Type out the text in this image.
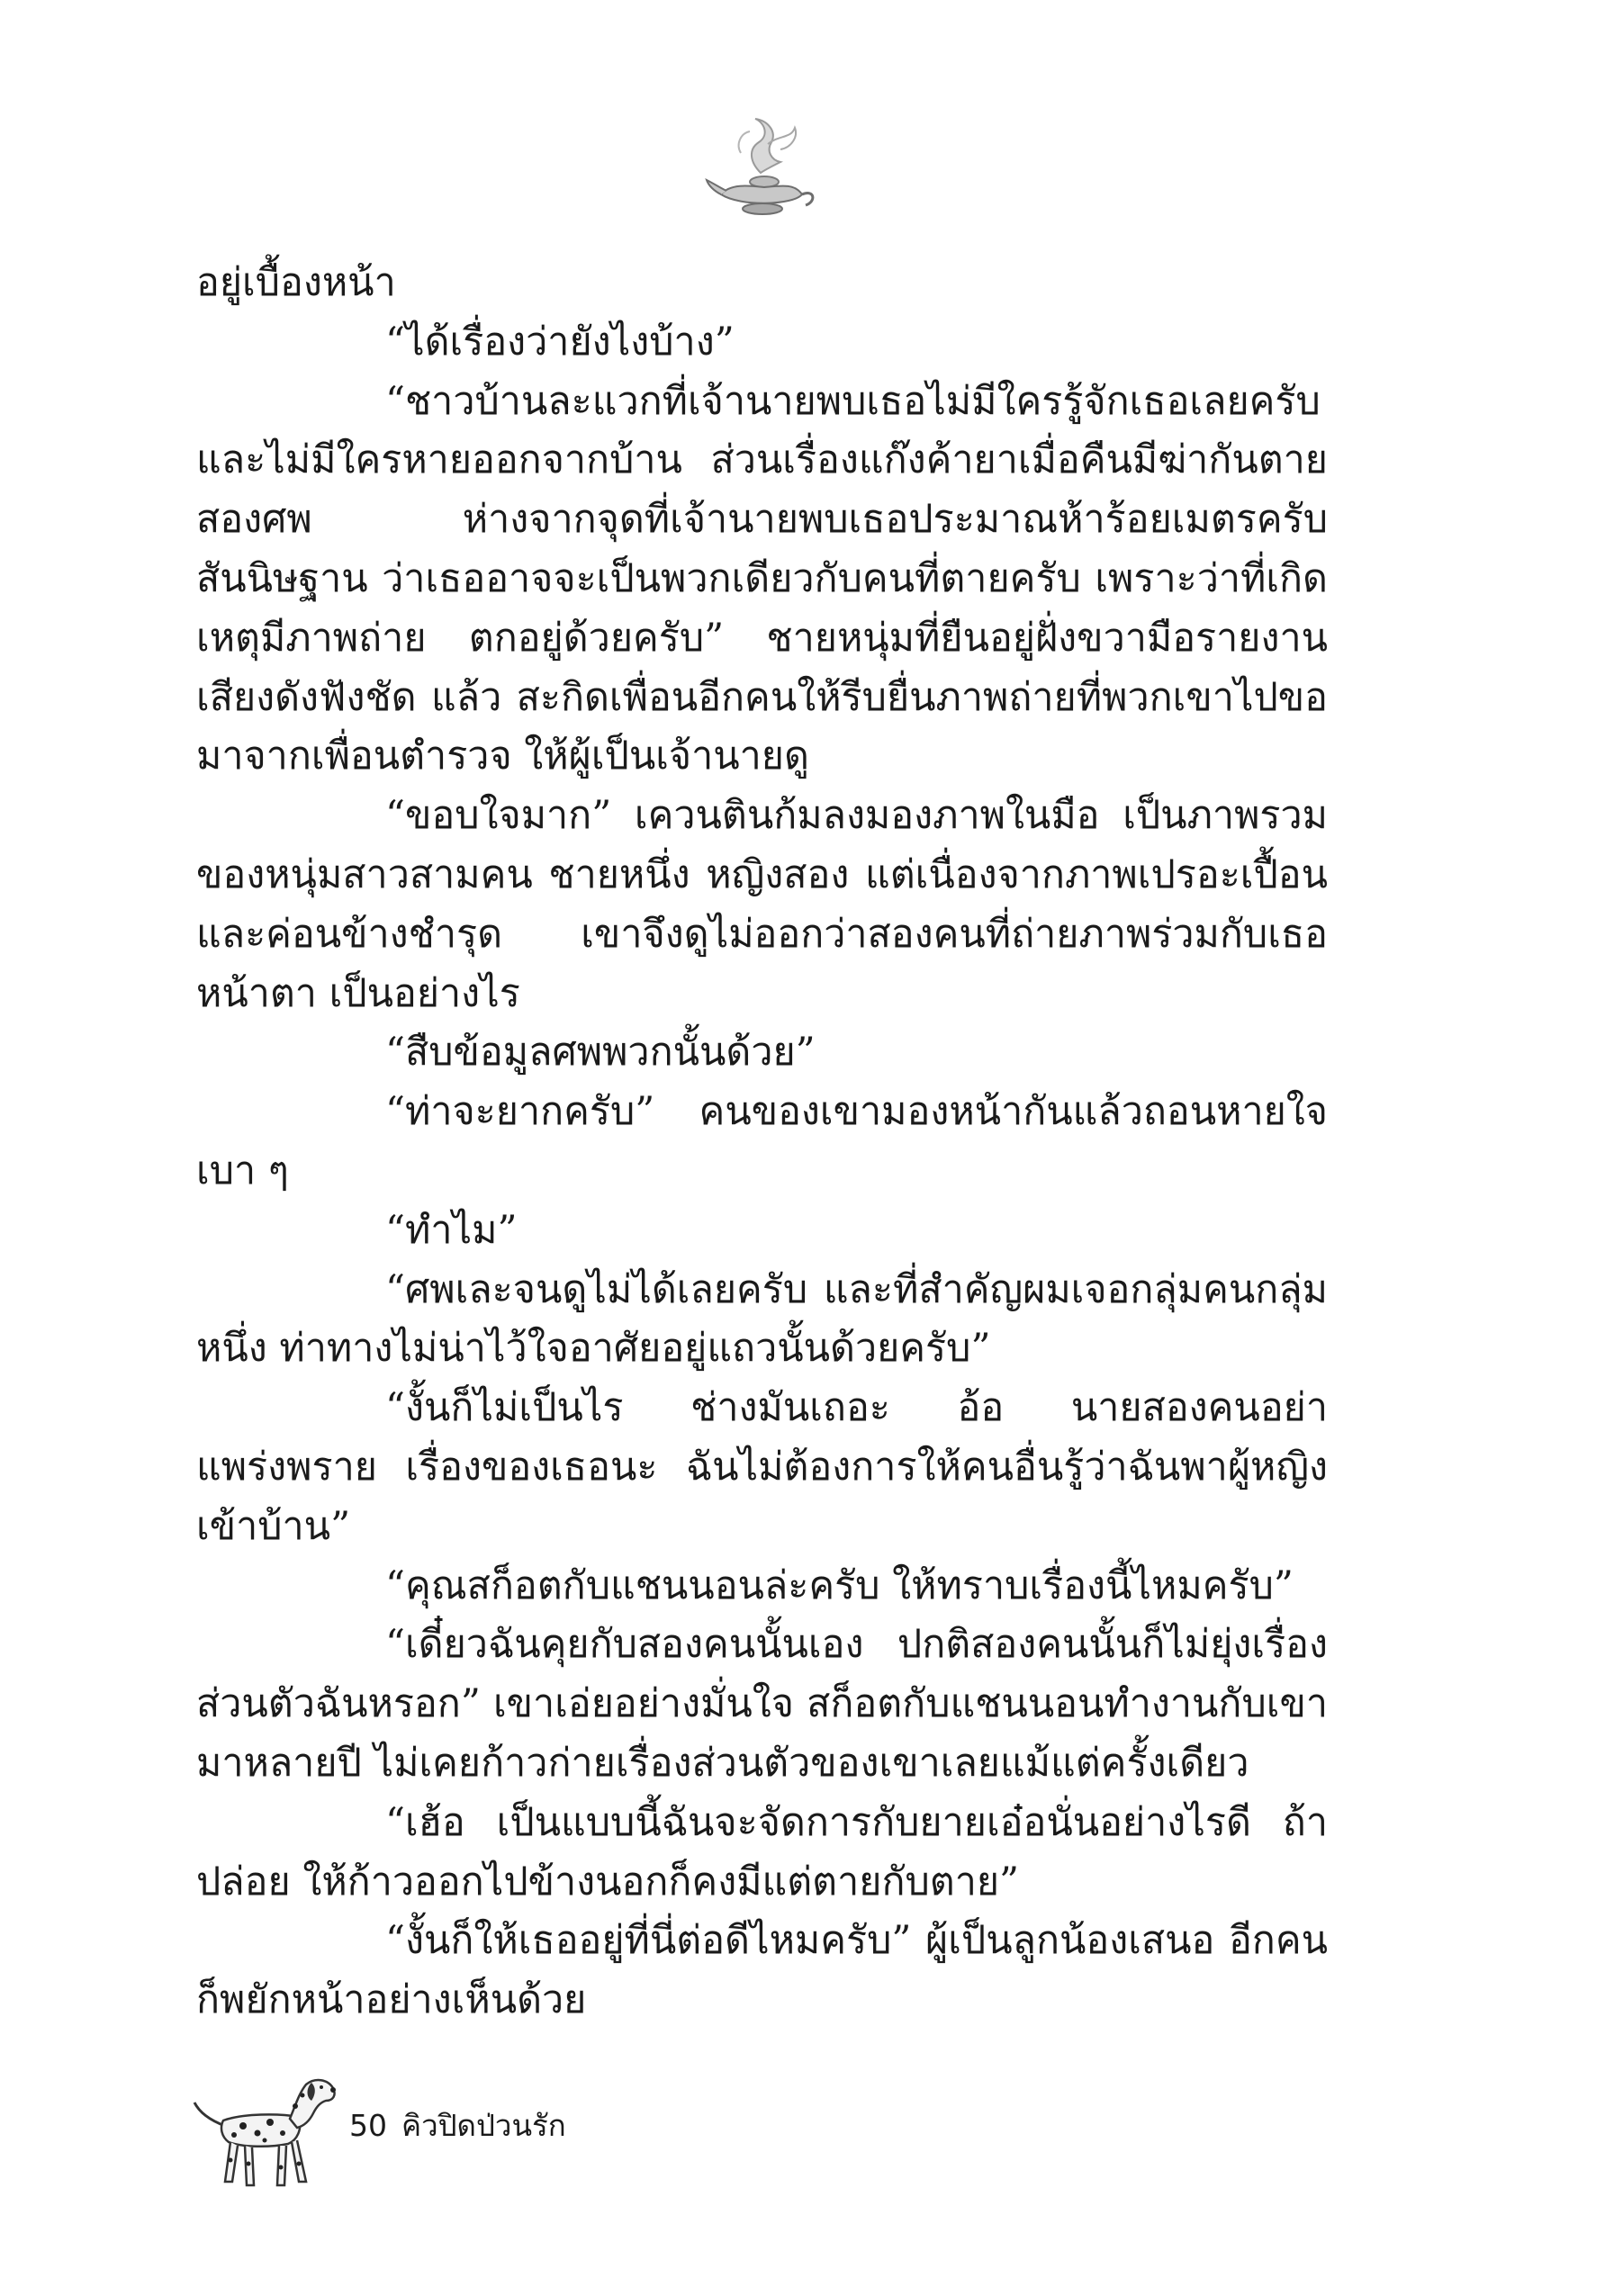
อยู่เบื้องหน้า

“ได้เรื่องว่ายังไงบ้าง”

“ชาวบ้านละแวกที่เจ้านายพบเธอไม่มีใครรู้จักเธอเลยครับ และไม่มีใครหายออกจากบ้าน ส่วนเรื่องแก๊งค้ายาเมื่อคืนมีฆ่ากันตาย สองศพ ห่างจากจุดที่เจ้านายพบเธอประมาณห้าร้อยเมตรครับ สันนิษฐาน ว่าเธออาจจะเป็นพวกเดียวกับคนที่ตายครับ เพราะว่าที่เกิดเหตุมีภาพถ่าย ตกอยู่ด้วยครับ” ชายหนุ่มที่ยืนอยู่ฝั่งขวามือรายงานเสียงดังฟังชัด แล้ว สะกิดเพื่อนอีกคนให้รีบยื่นภาพถ่ายที่พวกเขาไปขอมาจากเพื่อนตำรวจ ให้ผู้เป็นเจ้านายดู

“ขอบใจมาก” เควนตินก้มลงมองภาพในมือ เป็นภาพรวม ของหนุ่มสาวสามคน ชายหนึ่ง หญิงสอง แต่เนื่องจากภาพเปรอะเปื้อน และค่อนข้างชำรุด เขาจึงดูไม่ออกว่าสองคนที่ถ่ายภาพร่วมกับเธอหน้าตา เป็นอย่างไร

“สืบข้อมูลศพพวกนั้นด้วย”

“ท่าจะยากครับ” คนของเขามองหน้ากันแล้วถอนหายใจเบา ๆ

“ทำไม”

“ศพเละจนดูไม่ได้เลยครับ และที่สำคัญผมเจอกลุ่มคนกลุ่มหนึ่ง ท่าทางไม่น่าไว้ใจอาศัยอยู่แถวนั้นด้วยครับ”

“งั้นก็ไม่เป็นไร ช่างมันเถอะ อ้อ นายสองคนอย่าแพร่งพราย เรื่องของเธอนะ ฉันไม่ต้องการให้คนอื่นรู้ว่าฉันพาผู้หญิงเข้าบ้าน”

“คุณสก็อตกับแชนนอนล่ะครับ ให้ทราบเรื่องนี้ไหมครับ”

“เดี๋ยวฉันคุยกับสองคนนั้นเอง ปกติสองคนนั้นก็ไม่ยุ่งเรื่อง ส่วนตัวฉันหรอก” เขาเอ่ยอย่างมั่นใจ สก็อตกับแชนนอนทำงานกับเขา มาหลายปี ไม่เคยก้าวก่ายเรื่องส่วนตัวของเขาเลยแม้แต่ครั้งเดียว

“เฮ้อ เป็นแบบนี้ฉันจะจัดการกับยายเอ๋อนั่นอย่างไรดี ถ้าปล่อย ให้ก้าวออกไปข้างนอกก็คงมีแต่ตายกับตาย”

“งั้นก็ให้เธออยู่ที่นี่ต่อดีไหมครับ” ผู้เป็นลูกน้องเสนอ อีกคน ก็พยักหน้าอย่างเห็นด้วย

50 คิวปิดป่วนรัก
